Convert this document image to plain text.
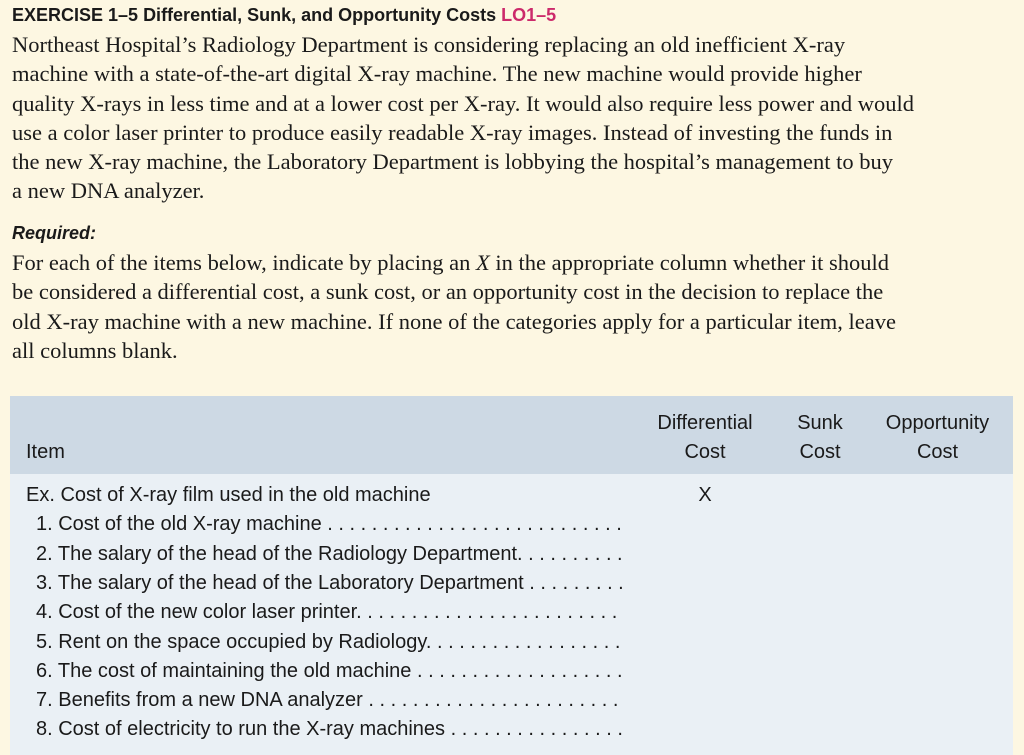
EXERCISE 1–5 Differential, Sunk, and Opportunity Costs LO1–5
Northeast Hospital’s Radiology Department is considering replacing an old inefficient X-ray
machine with a state-of-the-art digital X-ray machine. The new machine would provide higher
quality X-rays in less time and at a lower cost per X-ray. It would also require less power and would
use a color laser printer to produce easily readable X-ray images. Instead of investing the funds in
the new X-ray machine, the Laboratory Department is lobbying the hospital’s management to buy
a new DNA analyzer.
Required:
For each of the items below, indicate by placing an X in the appropriate column whether it should
be considered a differential cost, a sunk cost, or an opportunity cost in the decision to replace the
old X-ray machine with a new machine. If none of the categories apply for a particular item, leave
all columns blank.
Item
Differential
Cost
Sunk
Cost
Opportunity
Cost
Ex. Cost of X-ray film used in the old machine	X
1. Cost of the old X-ray machine . . .
2. The salary of the head of the Radiology Department. . . .
3. The salary of the head of the Laboratory Department . . .
4. Cost of the new color laser printer. . . .
5. Rent on the space occupied by Radiology. . . .
6. The cost of maintaining the old machine . . .
7. Benefits from a new DNA analyzer . . .
8. Cost of electricity to run the X-ray machines . . .
